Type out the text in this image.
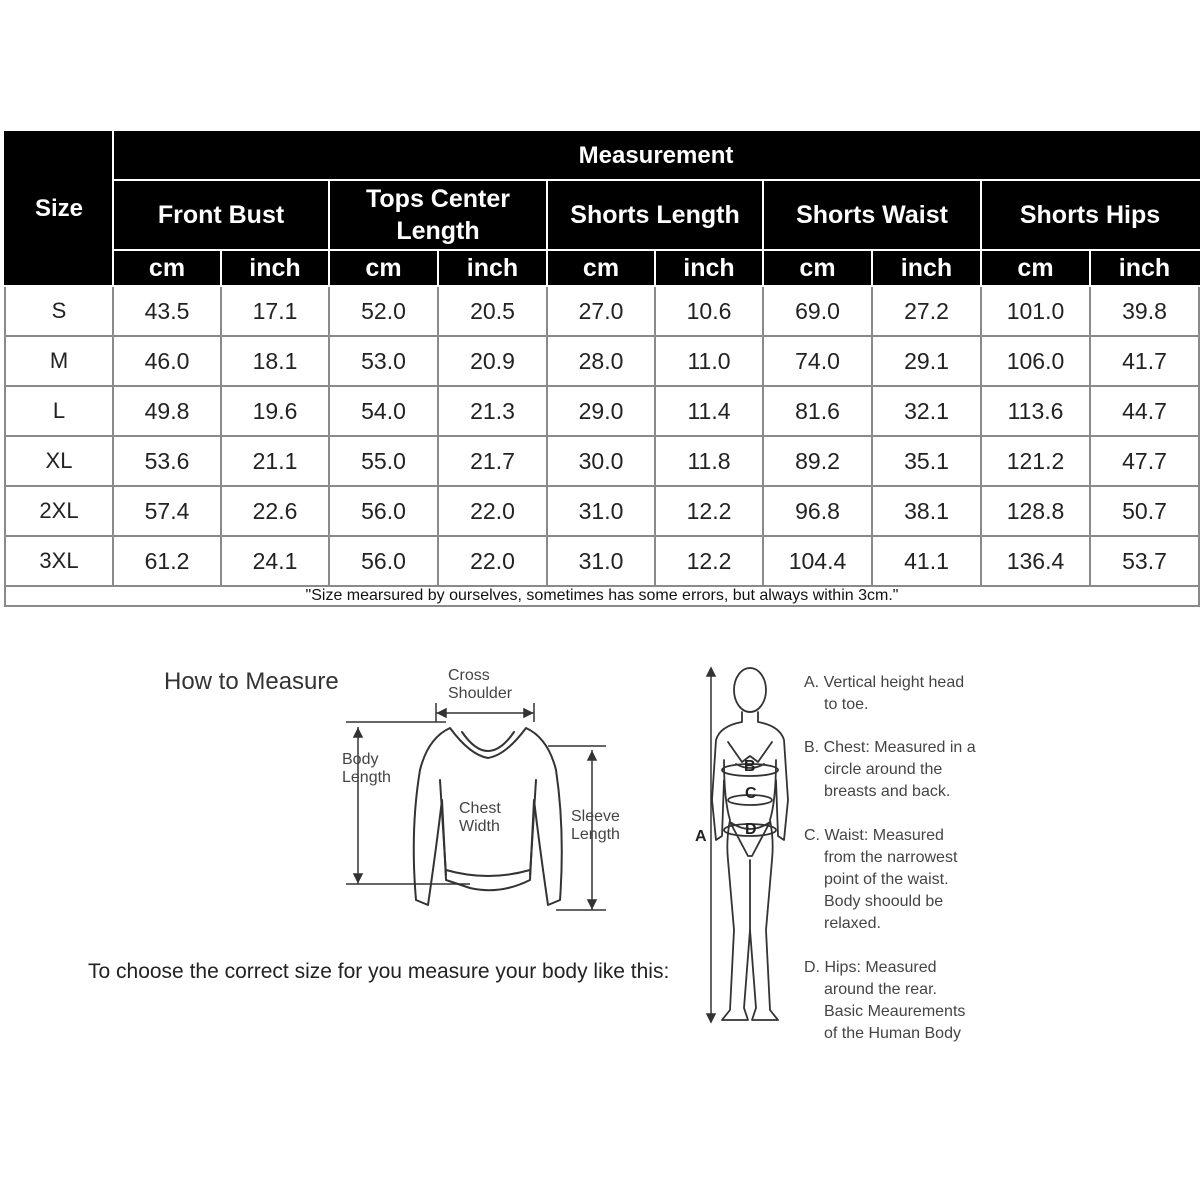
Size	Measurement									
	Front Bust		Tops Center Length		Shorts Length		Shorts Waist		Shorts Hips	
	cm	inch	cm	inch	cm	inch	cm	inch	cm	inch
S	43.5	17.1	52.0	20.5	27.0	10.6	69.0	27.2	101.0	39.8
M	46.0	18.1	53.0	20.9	28.0	11.0	74.0	29.1	106.0	41.7
L	49.8	19.6	54.0	21.3	29.0	11.4	81.6	32.1	113.6	44.7
XL	53.6	21.1	55.0	21.7	30.0	11.8	89.2	35.1	121.2	47.7
2XL	57.4	22.6	56.0	22.0	31.0	12.2	96.8	38.1	128.8	50.7
3XL	61.2	24.1	56.0	22.0	31.0	12.2	104.4	41.1	136.4	53.7
"Size mearsured by ourselves, sometimes has some errors, but always within 3cm."										
How to Measure
To choose the correct size for you measure your body like this:
Cross
Shoulder
Body
Length
Chest
Width
Sleeve
Length
B
C
D
A
A. Vertical height head
to toe.
B. Chest: Measured in a
circle around the
breasts and back.
C. Waist: Measured
from the narrowest
point of the waist.
Body shoould be
relaxed.
D. Hips: Measured
around the rear.
Basic Meaurements
of the Human Body
